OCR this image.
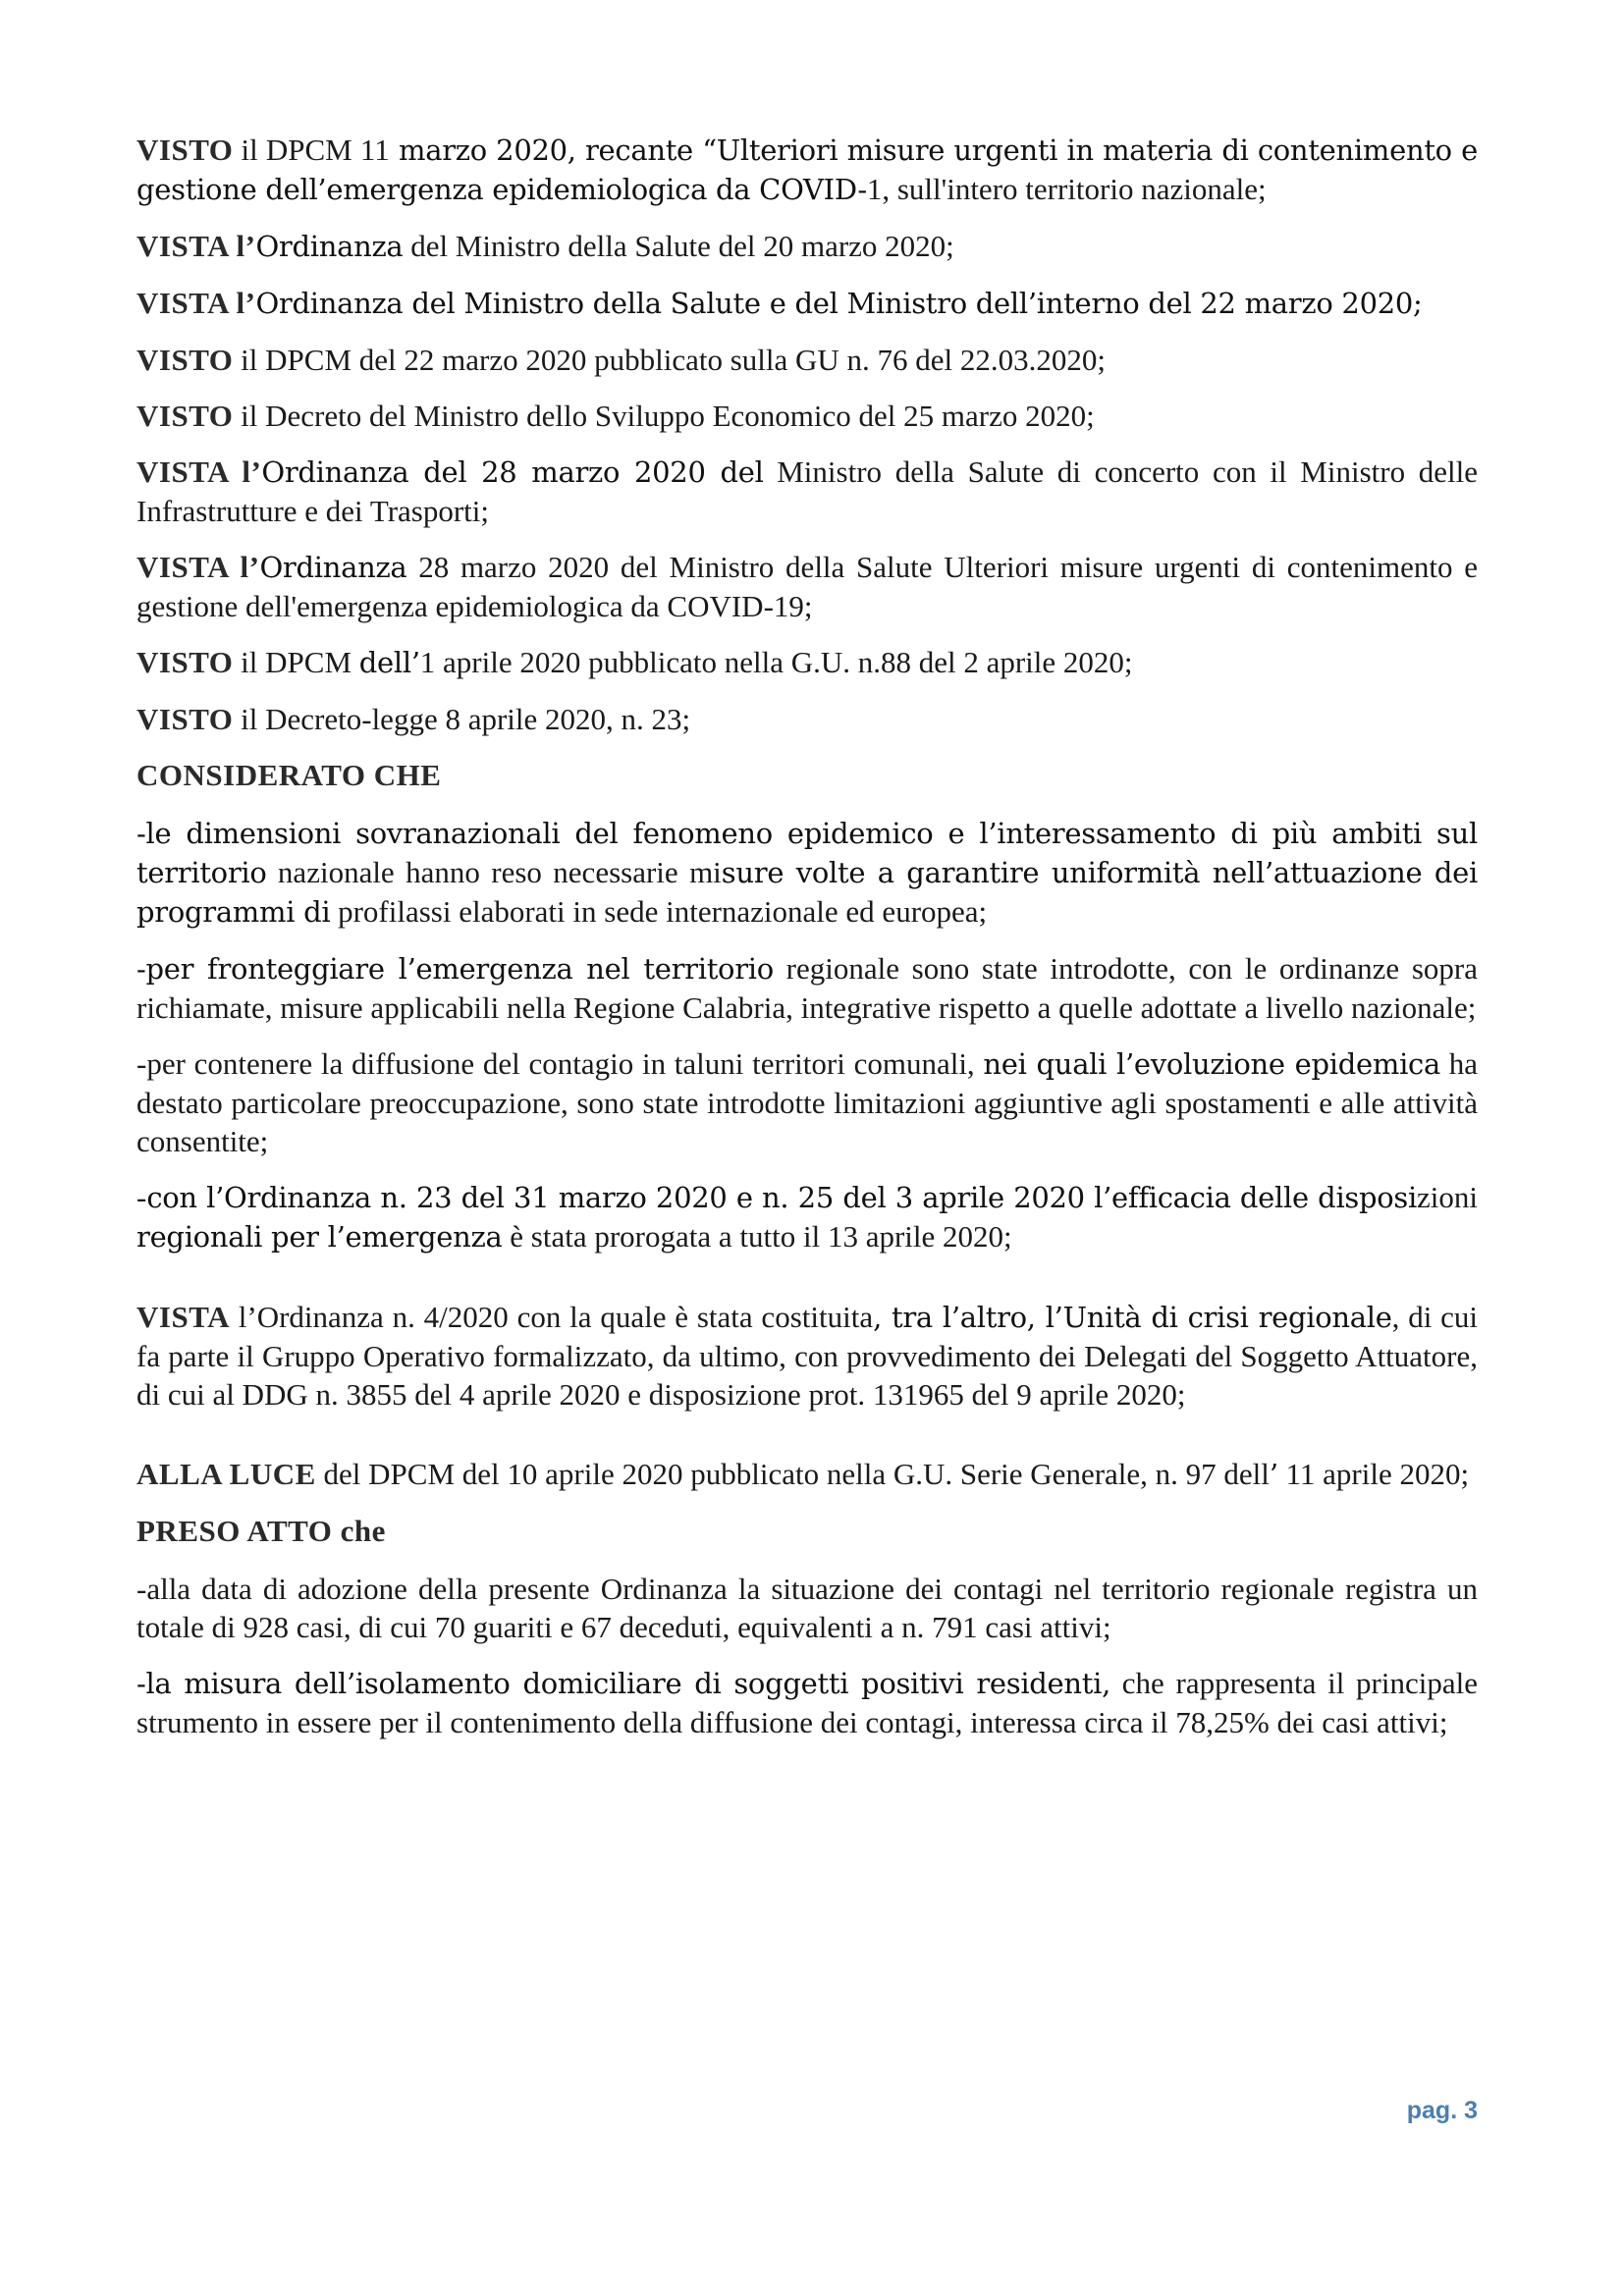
VISTO il DPCM 11 marzo 2020, recante “Ulteriori misure urgenti in materia di contenimento e gestione dell’emergenza epidemiologica da COVID-1, sull'intero territorio nazionale;

VISTA l’Ordinanza del Ministro della Salute del 20 marzo 2020;

VISTA l’Ordinanza del Ministro della Salute e del Ministro dell’interno del 22 marzo 2020;

VISTO il DPCM del 22 marzo 2020 pubblicato sulla GU n. 76 del 22.03.2020;

VISTO il Decreto del Ministro dello Sviluppo Economico del 25 marzo 2020;

VISTA l’Ordinanza del 28 marzo 2020 del Ministro della Salute di concerto con il Ministro delle Infrastrutture e dei Trasporti;

VISTA l’Ordinanza 28 marzo 2020 del Ministro della Salute Ulteriori misure urgenti di contenimento e gestione dell'emergenza epidemiologica da COVID-19;

VISTO il DPCM dell’1 aprile 2020 pubblicato nella G.U. n.88 del 2 aprile 2020;

VISTO il Decreto-legge 8 aprile 2020, n. 23;

CONSIDERATO CHE

-le dimensioni sovranazionali del fenomeno epidemico e l’interessamento di più ambiti sul territorio nazionale hanno reso necessarie misure volte a garantire uniformità nell’attuazione dei programmi di profilassi elaborati in sede internazionale ed europea;

-per fronteggiare l’emergenza nel territorio regionale sono state introdotte, con le ordinanze sopra richiamate, misure applicabili nella Regione Calabria, integrative rispetto a quelle adottate a livello nazionale;

-per contenere la diffusione del contagio in taluni territori comunali, nei quali l’evoluzione epidemica ha destato particolare preoccupazione, sono state introdotte limitazioni aggiuntive agli spostamenti e alle attività consentite;

-con l’Ordinanza n. 23 del 31 marzo 2020 e n. 25 del 3 aprile 2020 l’efficacia delle disposizioni regionali per l’emergenza è stata prorogata a tutto il 13 aprile 2020;

VISTA l’Ordinanza n. 4/2020 con la quale è stata costituita, tra l’altro, l’Unità di crisi regionale, di cui fa parte il Gruppo Operativo formalizzato, da ultimo, con provvedimento dei Delegati del Soggetto Attuatore, di cui al DDG n. 3855 del 4 aprile 2020 e disposizione prot. 131965 del 9 aprile 2020;

ALLA LUCE del DPCM del 10 aprile 2020 pubblicato nella G.U. Serie Generale, n. 97 dell’ 11 aprile 2020;

PRESO ATTO che

-alla data di adozione della presente Ordinanza la situazione dei contagi nel territorio regionale registra un totale di 928 casi, di cui 70 guariti e 67 deceduti, equivalenti a n. 791 casi attivi;

-la misura dell’isolamento domiciliare di soggetti positivi residenti, che rappresenta il principale strumento in essere per il contenimento della diffusione dei contagi, interessa circa il 78,25% dei casi attivi;

pag. 3
